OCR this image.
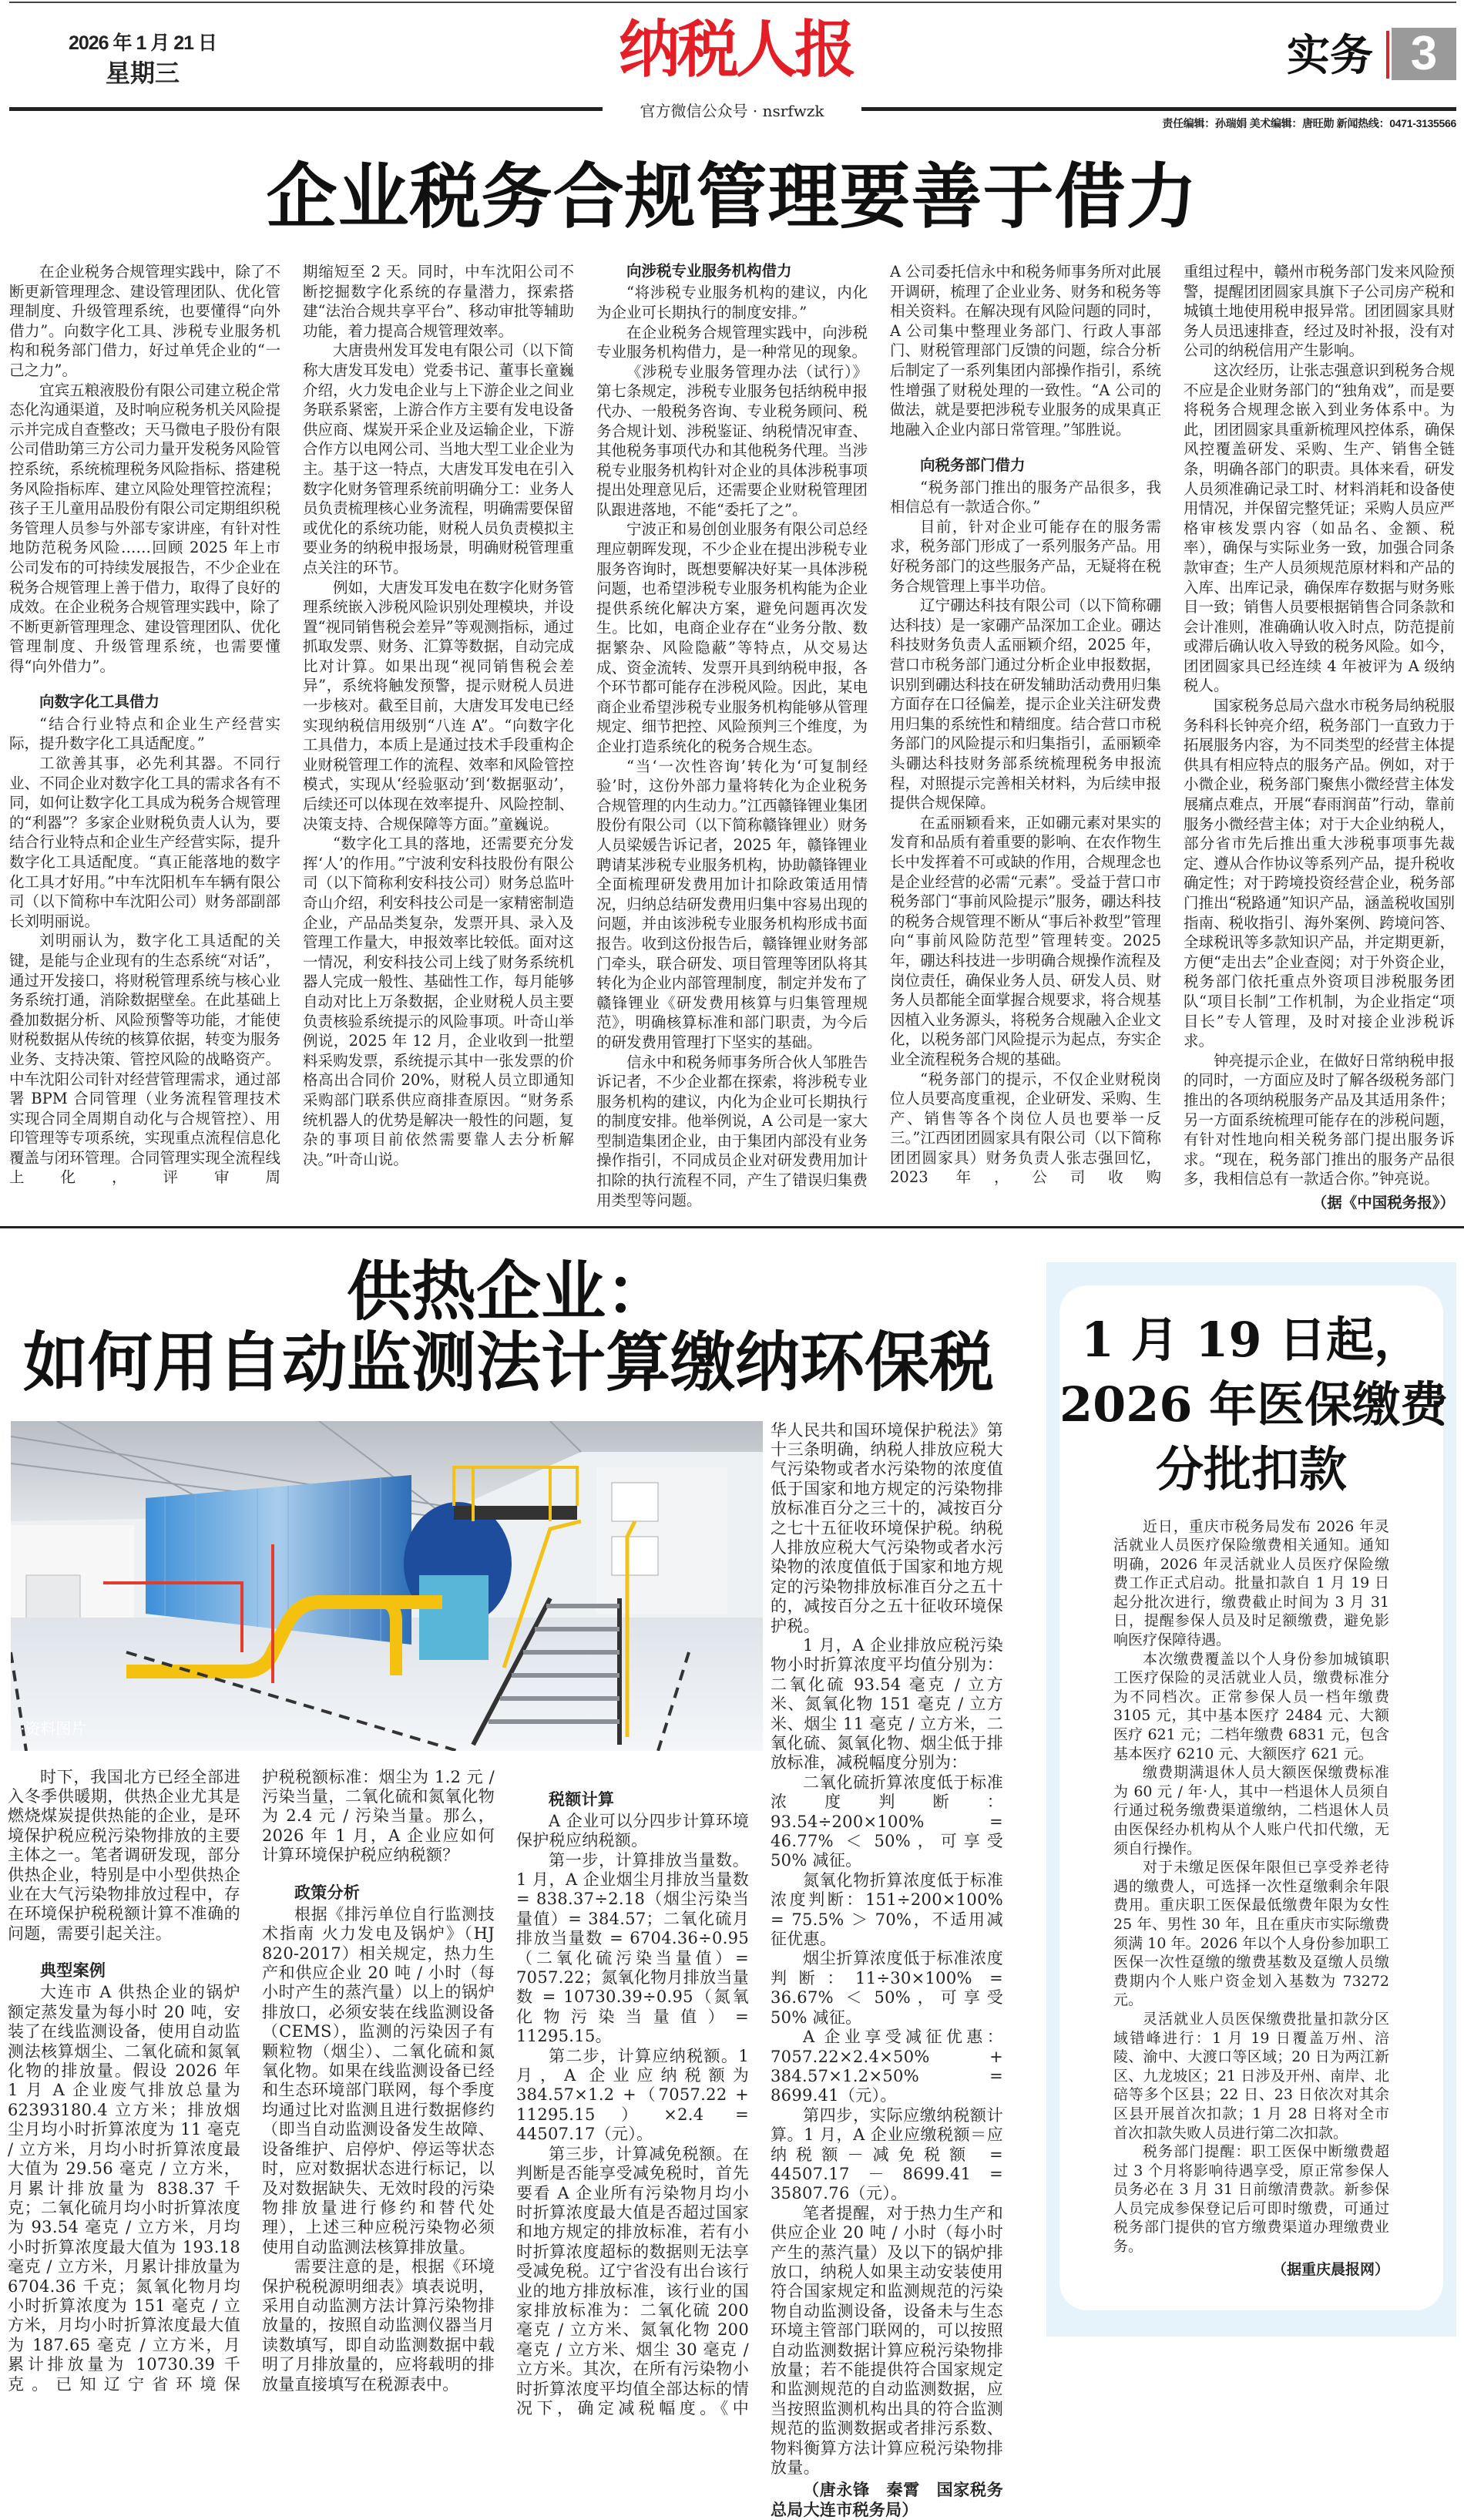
2026 年 1 月 21 日
星期三	纳税人报	实务 3
官方微信公众号 · nsrfwzk
责任编辑：孙瑞娟 美术编辑：唐旺勋 新闻热线：0471-3135566
企业税务合规管理要善于借力

在企业税务合规管理实践中，除了不断更新管理理念、建设管理团队、优化管理制度、升级管理系统，也要懂得“向外借力”。向数字化工具、涉税专业服务机构和税务部门借力，好过单凭企业的“一己之力”。

宜宾五粮液股份有限公司建立税企常态化沟通渠道，及时响应税务机关风险提示并完成自查整改；天马微电子股份有限公司借助第三方公司力量开发税务风险管控系统，系统梳理税务风险指标、搭建税务风险指标库、建立风险处理管控流程；孩子王儿童用品股份有限公司定期组织税务管理人员参与外部专家讲座，有针对性地防范税务风险……回顾 2025 年上市公司发布的可持续发展报告，不少企业在税务合规管理上善于借力，取得了良好的成效。在企业税务合规管理实践中，除了不断更新管理理念、建设管理团队、优化管理制度、升级管理系统，也需要懂得“向外借力”。

向数字化工具借力

“结合行业特点和企业生产经营实际，提升数字化工具适配度。”

工欲善其事，必先利其器。不同行业、不同企业对数字化工具的需求各有不同，如何让数字化工具成为税务合规管理的“利器”？多家企业财税负责人认为，要结合行业特点和企业生产经营实际，提升数字化工具适配度。“真正能落地的数字化工具才好用。”中车沈阳机车车辆有限公司（以下简称中车沈阳公司）财务部副部长刘明丽说。

刘明丽认为，数字化工具适配的关键，是能与企业现有的生态系统“对话”，通过开发接口，将财税管理系统与核心业务系统打通，消除数据壁垒。在此基础上叠加数据分析、风险预警等功能，才能使财税数据从传统的核算依据，转变为服务业务、支持决策、管控风险的战略资产。中车沈阳公司针对经营管理需求，通过部署 BPM 合同管理（业务流程管理技术实现合同全周期自动化与合规管控）、用印管理等专项系统，实现重点流程信息化覆盖与闭环管理。合同管理实现全流程线上化，评审周

期缩短至 2 天。同时，中车沈阳公司不断挖掘数字化系统的存量潜力，探索搭建“法治合规共享平台”、移动审批等辅助功能，着力提高合规管理效率。

大唐贵州发耳发电有限公司（以下简称大唐发耳发电）党委书记、董事长童巍介绍，火力发电企业与上下游企业之间业务联系紧密，上游合作方主要有发电设备供应商、煤炭开采企业及运输企业，下游合作方以电网公司、当地大型工业企业为主。基于这一特点，大唐发耳发电在引入数字化财务管理系统前明确分工：业务人员负责梳理核心业务流程，明确需要保留或优化的系统功能，财税人员负责模拟主要业务的纳税申报场景，明确财税管理重点关注的环节。

例如，大唐发耳发电在数字化财务管理系统嵌入涉税风险识别处理模块，并设置“视同销售税会差异”等观测指标，通过抓取发票、财务、汇算等数据，自动完成比对计算。如果出现“视同销售税会差异”，系统将触发预警，提示财税人员进一步核对。截至目前，大唐发耳发电已经实现纳税信用级别“八连 A”。“向数字化工具借力，本质上是通过技术手段重构企业财税管理工作的流程、效率和风险管控模式，实现从‘经验驱动’到‘数据驱动’，后续还可以体现在效率提升、风险控制、决策支持、合规保障等方面。”童巍说。

“数字化工具的落地，还需要充分发挥‘人’的作用。”宁波利安科技股份有限公司（以下简称利安科技公司）财务总监叶奇山介绍，利安科技公司是一家精密制造企业，产品品类复杂，发票开具、录入及管理工作量大，申报效率比较低。面对这一情况，利安科技公司上线了财务系统机器人完成一般性、基础性工作，每月能够自动对比上万条数据，企业财税人员主要负责核验系统提示的风险事项。叶奇山举例说，2025 年 12 月，企业收到一批塑料采购发票，系统提示其中一张发票的价格高出合同价 20%，财税人员立即通知采购部门联系供应商排查原因。“财务系统机器人的优势是解决一般性的问题，复杂的事项目前依然需要靠人去分析解决。”叶奇山说。

向涉税专业服务机构借力

“将涉税专业服务机构的建议，内化为企业可长期执行的制度安排。”

在企业税务合规管理实践中，向涉税专业服务机构借力，是一种常见的现象。

《涉税专业服务管理办法（试行）》第七条规定，涉税专业服务包括纳税申报代办、一般税务咨询、专业税务顾问、税务合规计划、涉税鉴证、纳税情况审查、其他税务事项代办和其他税务代理。当涉税专业服务机构针对企业的具体涉税事项提出处理意见后，还需要企业财税管理团队跟进落地，不能“委托了之”。

宁波正和易创创业服务有限公司总经理应朝晖发现，不少企业在提出涉税专业服务咨询时，既想要解决好某一具体涉税问题，也希望涉税专业服务机构能为企业提供系统化解决方案，避免问题再次发生。比如，电商企业存在“业务分散、数据繁杂、风险隐蔽”等特点，从交易达成、资金流转、发票开具到纳税申报，各个环节都可能存在涉税风险。因此，某电商企业希望涉税专业服务机构能够从管理规定、细节把控、风险预判三个维度，为企业打造系统化的税务合规生态。

“当‘一次性咨询’转化为‘可复制经验’时，这份外部力量将转化为企业税务合规管理的内生动力。”江西赣锋锂业集团股份有限公司（以下简称赣锋锂业）财务人员梁媛告诉记者，2025 年，赣锋锂业聘请某涉税专业服务机构，协助赣锋锂业全面梳理研发费用加计扣除政策适用情况，归纳总结研发费用归集中容易出现的问题，并由该涉税专业服务机构形成书面报告。收到这份报告后，赣锋锂业财务部门牵头，联合研发、项目管理等团队将其转化为企业内部管理制度，制定并发布了赣锋锂业《研发费用核算与归集管理规范》，明确核算标准和部门职责，为今后的研发费用管理打下坚实的基础。

信永中和税务师事务所合伙人邹胜告诉记者，不少企业都在探索，将涉税专业服务机构的建议，内化为企业可长期执行的制度安排。他举例说，A 公司是一家大型制造集团企业，由于集团内部没有业务操作指引，不同成员企业对研发费用加计扣除的执行流程不同，产生了错误归集费用类型等问题。

A 公司委托信永中和税务师事务所对此展开调研，梳理了企业业务、财务和税务等相关资料。在解决现有风险问题的同时，A 公司集中整理业务部门、行政人事部门、财税管理部门反馈的问题，综合分析后制定了一系列集团内部操作指引，系统性增强了财税处理的一致性。“A 公司的做法，就是要把涉税专业服务的成果真正地融入企业内部日常管理。”邹胜说。

向税务部门借力

“税务部门推出的服务产品很多，我相信总有一款适合你。”

目前，针对企业可能存在的服务需求，税务部门形成了一系列服务产品。用好税务部门的这些服务产品，无疑将在税务合规管理上事半功倍。

辽宁硼达科技有限公司（以下简称硼达科技）是一家硼产品深加工企业。硼达科技财务负责人孟丽颖介绍，2025 年，营口市税务部门通过分析企业申报数据，识别到硼达科技在研发辅助活动费用归集方面存在口径偏差，提示企业关注研发费用归集的系统性和精细度。结合营口市税务部门的风险提示和归集指引，孟丽颖牵头硼达科技财务部系统梳理税务申报流程，对照提示完善相关材料，为后续申报提供合规保障。

在孟丽颖看来，正如硼元素对果实的发育和品质有着重要的影响、在农作物生长中发挥着不可或缺的作用，合规理念也是企业经营的必需“元素”。受益于营口市税务部门“事前风险提示”服务，硼达科技的税务合规管理不断从“事后补救型”管理向“事前风险防范型”管理转变。2025 年，硼达科技进一步明确合规操作流程及岗位责任，确保业务人员、研发人员、财务人员都能全面掌握合规要求，将合规基因植入业务源头，将税务合规融入企业文化，以税务部门风险提示为起点，夯实企业全流程税务合规的基础。

“税务部门的提示，不仅企业财税岗位人员要高度重视，企业研发、采购、生产、销售等各个岗位人员也要举一反三。”江西团团圆家具有限公司（以下简称团团圆家具）财务负责人张志强回忆，2023 年，公司收购

重组过程中，赣州市税务部门发来风险预警，提醒团团圆家具旗下子公司房产税和城镇土地使用税申报异常。团团圆家具财务人员迅速排查，经过及时补报，没有对公司的纳税信用产生影响。

这次经历，让张志强意识到税务合规不应是企业财务部门的“独角戏”，而是要将税务合规理念嵌入到业务体系中。为此，团团圆家具重新梳理风控体系，确保风控覆盖研发、采购、生产、销售全链条，明确各部门的职责。具体来看，研发人员须准确记录工时、材料消耗和设备使用情况，并保留完整凭证；采购人员应严格审核发票内容（如品名、金额、税率），确保与实际业务一致，加强合同条款审查；生产人员须规范原材料和产品的入库、出库记录，确保库存数据与财务账目一致；销售人员要根据销售合同条款和会计准则，准确确认收入时点，防范提前或滞后确认收入导致的税务风险。如今，团团圆家具已经连续 4 年被评为 A 级纳税人。

国家税务总局六盘水市税务局纳税服务科科长钟亮介绍，税务部门一直致力于拓展服务内容，为不同类型的经营主体提供具有相应特点的服务产品。例如，对于小微企业，税务部门聚焦小微经营主体发展痛点难点，开展“春雨润苗”行动，靠前服务小微经营主体；对于大企业纳税人，部分省市先后推出重大涉税事项事先裁定、遵从合作协议等系列产品，提升税收确定性；对于跨境投资经营企业，税务部门推出“税路通”知识产品，涵盖税收国别指南、税收指引、海外案例、跨境问答、全球税讯等多款知识产品，并定期更新，方便“走出去”企业查阅；对于外资企业，税务部门依托重点外资项目涉税服务团队“项目长制”工作机制，为企业指定“项目长”专人管理，及时对接企业涉税诉求。

钟亮提示企业，在做好日常纳税申报的同时，一方面应及时了解各级税务部门推出的各项纳税服务产品及其适用条件；另一方面系统梳理可能存在的涉税问题，有针对性地向相关税务部门提出服务诉求。“现在，税务部门推出的服务产品很多，我相信总有一款适合你。”钟亮说。

（据《中国税务报》）
供热企业：
如何用自动监测法计算缴纳环保税
·资料图片

时下，我国北方已经全部进入冬季供暖期，供热企业尤其是燃烧煤炭提供热能的企业，是环境保护税应税污染物排放的主要主体之一。笔者调研发现，部分供热企业，特别是中小型供热企业在大气污染物排放过程中，存在环境保护税税额计算不准确的问题，需要引起关注。

典型案例

大连市 A 供热企业的锅炉额定蒸发量为每小时 20 吨，安装了在线监测设备，使用自动监测法核算烟尘、二氧化硫和氮氧化物的排放量。假设 2026 年 1 月 A 企业废气排放总量为 62393180.4 立方米；排放烟尘月均小时折算浓度为 11 毫克 / 立方米，月均小时折算浓度最大值为 29.56 毫克 / 立方米，月累计排放量为 838.37 千克；二氧化硫月均小时折算浓度为 93.54 毫克 / 立方米，月均小时折算浓度最大值为 193.18 毫克 / 立方米，月累计排放量为 6704.36 千克；氮氧化物月均小时折算浓度为 151 毫克 / 立方米，月均小时折算浓度最大值为 187.65 毫克 / 立方米，月累计排放量为 10730.39 千克。已知辽宁省环境保

护税税额标准：烟尘为 1.2 元 / 污染当量，二氧化硫和氮氧化物为 2.4 元 / 污染当量。那么，2026 年 1 月，A 企业应如何计算环境保护税应纳税额？

政策分析

根据《排污单位自行监测技术指南 火力发电及锅炉》（HJ 820-2017）相关规定，热力生产和供应企业 20 吨 / 小时（每小时产生的蒸汽量）以上的锅炉排放口，必须安装在线监测设备（CEMS），监测的污染因子有颗粒物（烟尘）、二氧化硫和氮氧化物。如果在线监测设备已经和生态环境部门联网，每个季度均通过比对监测且进行数据修约（即当自动监测设备发生故障、设备维护、启停炉、停运等状态时，应对数据状态进行标记，以及对数据缺失、无效时段的污染物排放量进行修约和替代处理），上述三种应税污染物必须使用自动监测法核算排放量。

需要注意的是，根据《环境保护税税源明细表》填表说明，采用自动监测方法计算污染物排放量的，按照自动监测仪器当月读数填写，即自动监测数据中载明了月排放量的，应将载明的排放量直接填写在税源表中。

税额计算

A 企业可以分四步计算环境保护税应纳税额。

第一步，计算排放当量数。1 月，A 企业烟尘月排放当量数 = 838.37÷2.18（烟尘污染当量值）= 384.57；二氧化硫月排放当量数 = 6704.36÷0.95（二氧化硫污染当量值）= 7057.22；氮氧化物月排放当量数 = 10730.39÷0.95（氮氧化物污染当量值）= 11295.15。

第二步，计算应纳税额。1 月，A 企业应纳税额为 384.57×1.2 +（7057.22 + 11295.15）×2.4 = 44507.17（元）。

第三步，计算减免税额。在判断是否能享受减免税时，首先要看 A 企业所有污染物月均小时折算浓度最大值是否超过国家和地方规定的排放标准，若有小时折算浓度超标的数据则无法享受减免税。辽宁省没有出台该行业的地方排放标准，该行业的国家排放标准为：二氧化硫 200 毫克 / 立方米、氮氧化物 200 毫克 / 立方米、烟尘 30 毫克 / 立方米。其次，在所有污染物小时折算浓度平均值全部达标的情况下，确定减税幅度。《中

华人民共和国环境保护税法》第十三条明确，纳税人排放应税大气污染物或者水污染物的浓度值低于国家和地方规定的污染物排放标准百分之三十的，减按百分之七十五征收环境保护税。纳税人排放应税大气污染物或者水污染物的浓度值低于国家和地方规定的污染物排放标准百分之五十的，减按百分之五十征收环境保护税。

1 月，A 企业排放应税污染物小时折算浓度平均值分别为：二氧化硫 93.54 毫克 / 立方米、氮氧化物 151 毫克 / 立方米、烟尘 11 毫克 / 立方米，二氧化硫、氮氧化物、烟尘低于排放标准，减税幅度分别为：

二氧化硫折算浓度低于标准浓度判断：93.54÷200×100% = 46.77% ＜ 50%，可享受 50% 减征。

氮氧化物折算浓度低于标准浓度判断：151÷200×100% = 75.5% ＞ 70%，不适用减征优惠。

烟尘折算浓度低于标准浓度判断：11÷30×100% = 36.67% ＜ 50%，可享受 50% 减征。

A 企业享受减征优惠：7057.22×2.4×50% + 384.57×1.2×50% = 8699.41（元）。

第四步，实际应缴纳税额计算。1 月，A 企业应缴税额＝应纳税额－减免税额 = 44507.17 － 8699.41 = 35807.76（元）。

笔者提醒，对于热力生产和供应企业 20 吨 / 小时（每小时产生的蒸汽量）及以下的锅炉排放口，纳税人如果主动安装使用符合国家规定和监测规范的污染物自动监测设备，设备未与生态环境主管部门联网的，可以按照自动监测数据计算应税污染物排放量；若不能提供符合国家规定和监测规范的自动监测数据，应当按照监测机构出具的符合监测规范的监测数据或者排污系数、物料衡算方法计算应税污染物排放量。

（唐永锋　秦霄　国家税务总局大连市税务局）
1 月 19 日起，
2026 年医保缴费
分批扣款

近日，重庆市税务局发布 2026 年灵活就业人员医疗保险缴费相关通知。通知明确，2026 年灵活就业人员医疗保险缴费工作正式启动。批量扣款自 1 月 19 日起分批次进行，缴费截止时间为 3 月 31 日，提醒参保人员及时足额缴费，避免影响医疗保障待遇。

本次缴费覆盖以个人身份参加城镇职工医疗保险的灵活就业人员，缴费标准分为不同档次。正常参保人员一档年缴费 3105 元，其中基本医疗 2484 元、大额医疗 621 元；二档年缴费 6831 元，包含基本医疗 6210 元、大额医疗 621 元。

缴费期满退休人员大额医保缴费标准为 60 元 / 年·人，其中一档退休人员须自行通过税务缴费渠道缴纳，二档退休人员由医保经办机构从个人账户代扣代缴，无须自行操作。

对于未缴足医保年限但已享受养老待遇的缴费人，可选择一次性趸缴剩余年限费用。重庆职工医保最低缴费年限为女性 25 年、男性 30 年，且在重庆市实际缴费须满 10 年。2026 年以个人身份参加职工医保一次性趸缴的缴费基数及趸缴人员缴费期内个人账户资金划入基数为 73272 元。

灵活就业人员医保缴费批量扣款分区域错峰进行：1 月 19 日覆盖万州、涪陵、渝中、大渡口等区域；20 日为两江新区、九龙坡区；21 日涉及开州、南岸、北碚等多个区县；22 日、23 日依次对其余区县开展首次扣款；1 月 28 日将对全市首次扣款失败人员进行第二次扣款。

税务部门提醒：职工医保中断缴费超过 3 个月将影响待遇享受，原正常参保人员务必在 3 月 31 日前缴清费款。新参保人员完成参保登记后可即时缴费，可通过税务部门提供的官方缴费渠道办理缴费业务。

（据重庆晨报网）
